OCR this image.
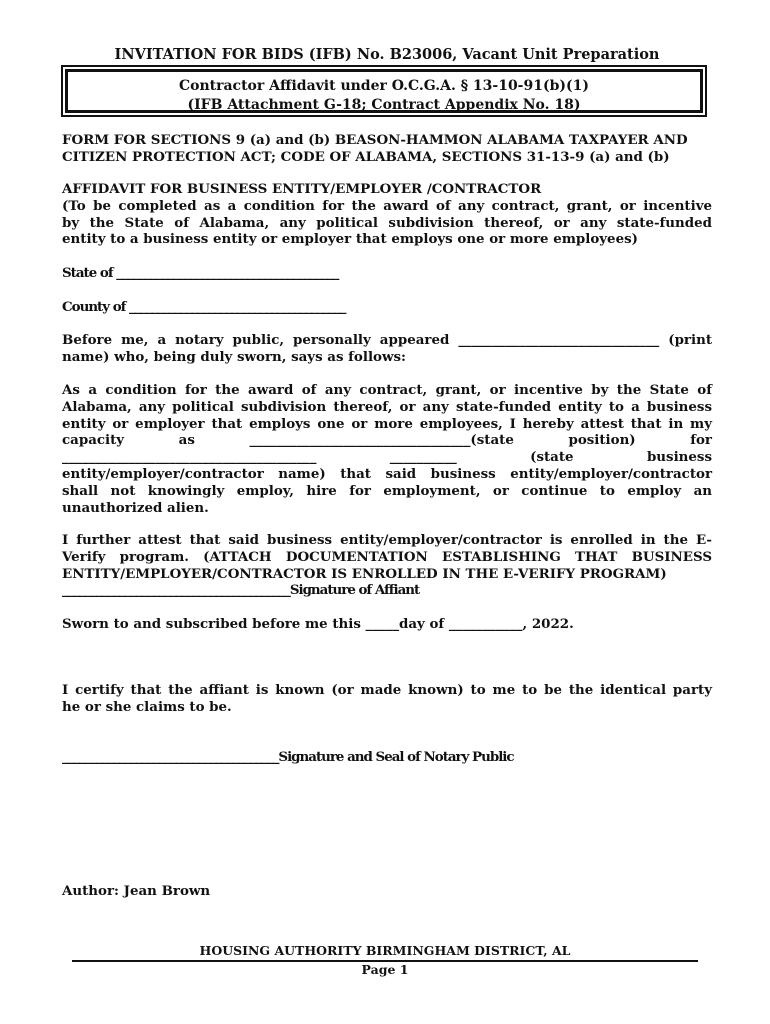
INVITATION FOR BIDS (IFB) No. B23006, Vacant Unit Preparation
Contractor Affidavit under O.C.G.A. § 13-10-91(b)(1)
(IFB Attachment G-18; Contract Appendix No. 18)
FORM FOR SECTIONS 9 (a) and (b) BEASON-HAMMON ALABAMA TAXPAYER AND
CITIZEN PROTECTION ACT; CODE OF ALABAMA, SECTIONS 31-13-9 (a) and (b)
AFFIDAVIT FOR BUSINESS ENTITY/EMPLOYER /CONTRACTOR
(To be completed as a condition for the award of any contract, grant, or incentive
by the State of Alabama, any political subdivision thereof, or any state-funded
entity to a business entity or employer that employs one or more employees)
State of _______________________________________
County of ______________________________________
Before me, a notary public, personally appeared ______________________________ (print
name) who, being duly sworn, says as follows:
As a condition for the award of any contract, grant, or incentive by the State of
Alabama, any political subdivision thereof, or any state-funded entity to a business
entity or employer that employs one or more employees, I hereby attest that in my
capacity as _________________________________(state position) for
______________________________________ __________ (state business
entity/employer/contractor name) that said business entity/employer/contractor
shall not knowingly employ, hire for employment, or continue to employ an
unauthorized alien.
I further attest that said business entity/employer/contractor is enrolled in the E-
Verify program. (ATTACH DOCUMENTATION ESTABLISHING THAT BUSINESS
ENTITY/EMPLOYER/CONTRACTOR IS ENROLLED IN THE E-VERIFY PROGRAM)
________________________________________Signature of Affiant
Sworn to and subscribed before me this _____day of ___________, 2022.
I certify that the affiant is known (or made known) to me to be the identical party
he or she claims to be.
______________________________________Signature and Seal of Notary Public
Author: Jean Brown
HOUSING AUTHORITY BIRMINGHAM DISTRICT, AL
Page 1
